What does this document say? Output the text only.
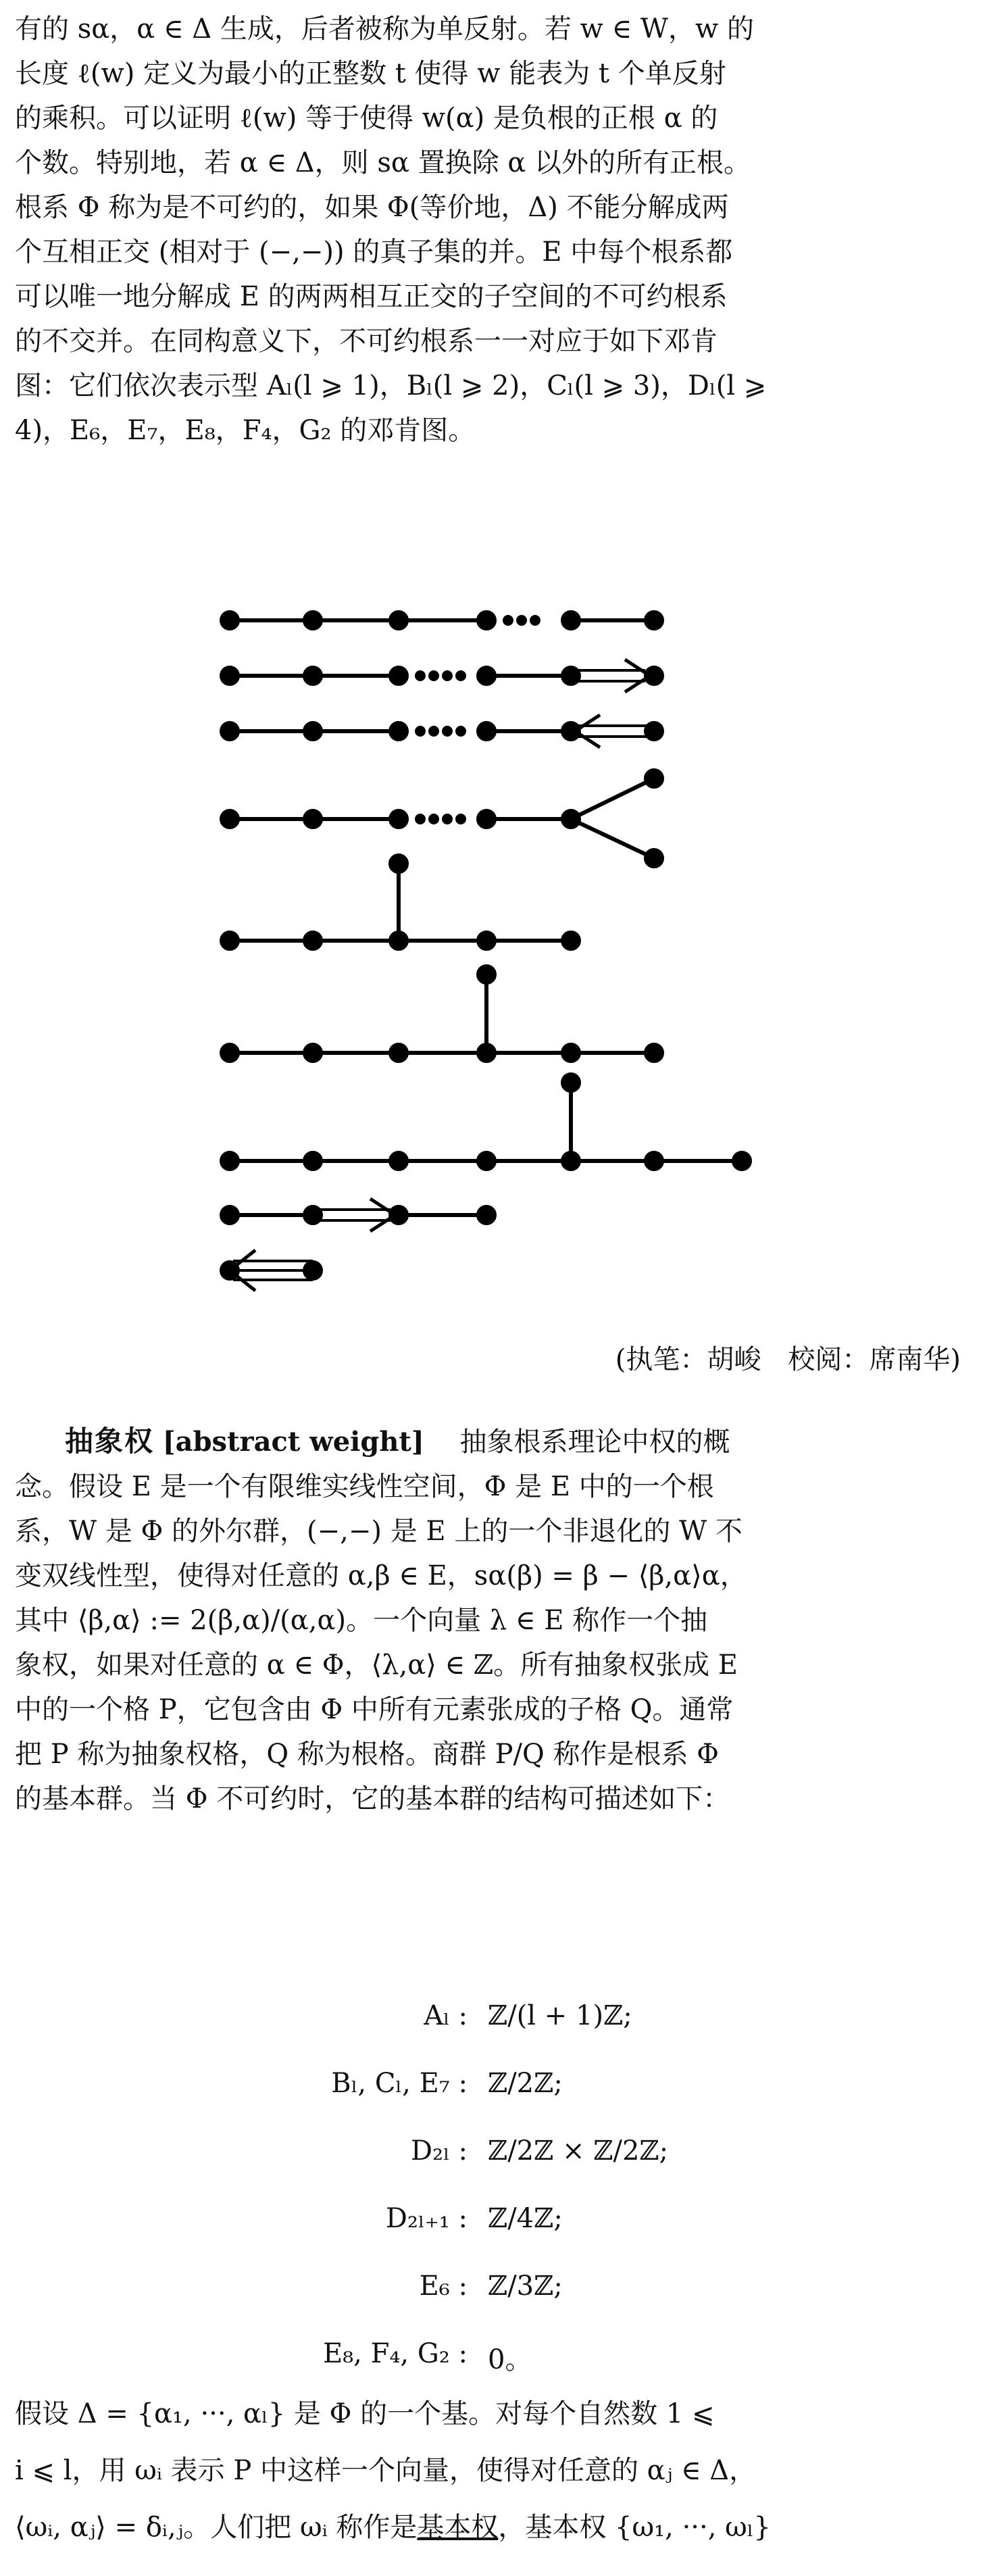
有的 sα，α ∈ Δ 生成，后者被称为单反射。若 w ∈ W，w 的
长度 ℓ(w) 定义为最小的正整数 t 使得 w 能表为 t 个单反射
的乘积。可以证明 ℓ(w) 等于使得 w(α) 是负根的正根 α 的
个数。特别地，若 α ∈ Δ，则 sα 置换除 α 以外的所有正根。
根系 Φ 称为是不可约的，如果 Φ(等价地，Δ) 不能分解成两
个互相正交 (相对于 (−,−)) 的真子集的并。E 中每个根系都
可以唯一地分解成 E 的两两相互正交的子空间的不可约根系
的不交并。在同构意义下，不可约根系一一对应于如下邓肯
图：它们依次表示型 Aₗ(l ⩾ 1)，Bₗ(l ⩾ 2)，Cₗ(l ⩾ 3)，Dₗ(l ⩾
4)，E₆，E₇，E₈，F₄，G₂ 的邓肯图。
(执笔：胡峻　校阅：席南华)
抽象权 [abstract weight] 抽象根系理论中权的概
念。假设 E 是一个有限维实线性空间，Φ 是 E 中的一个根
系，W 是 Φ 的外尔群，(−,−) 是 E 上的一个非退化的 W 不
变双线性型，使得对任意的 α,β ∈ E，sα(β) = β − ⟨β,α⟩α，
其中 ⟨β,α⟩ := 2(β,α)/(α,α)。一个向量 λ ∈ E 称作一个抽
象权，如果对任意的 α ∈ Φ，⟨λ,α⟩ ∈ ℤ。所有抽象权张成 E
中的一个格 P，它包含由 Φ 中所有元素张成的子格 Q。通常
把 P 称为抽象权格，Q 称为根格。商群 P/Q 称作是根系 Φ
的基本群。当 Φ 不可约时，它的基本群的结构可描述如下：
Aₗ : ℤ/(l + 1)ℤ;
Bₗ, Cₗ, E₇ : ℤ/2ℤ;
D₂ₗ : ℤ/2ℤ × ℤ/2ℤ;
D₂ₗ₊₁ : ℤ/4ℤ;
E₆ : ℤ/3ℤ;
E₈, F₄, G₂ : 0。
假设 Δ = {α₁, ···, αₗ} 是 Φ 的一个基。对每个自然数 1 ⩽
i ⩽ l，用 ωᵢ 表示 P 中这样一个向量，使得对任意的 αⱼ ∈ Δ，
⟨ωᵢ, αⱼ⟩ = δᵢ,ⱼ。人们把 ωᵢ 称作是基本权，基本权 {ω₁, ···, ωₗ}
